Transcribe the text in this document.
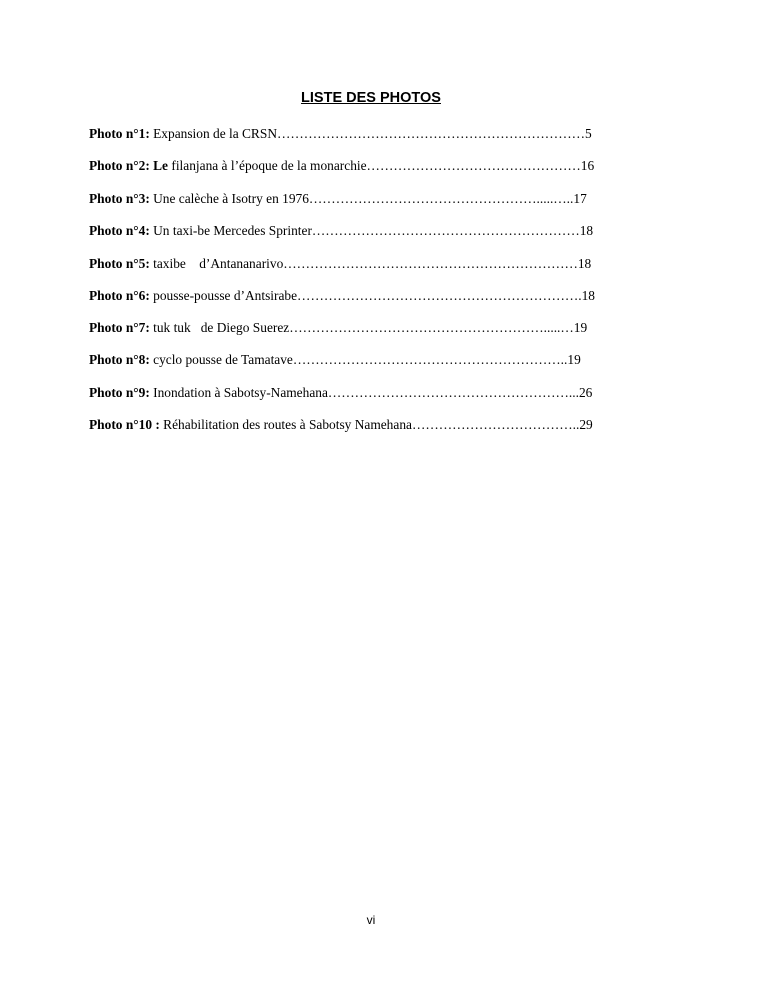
LISTE DES PHOTOS
Photo n°1: Expansion de la CRSN……………………………………………………………5
Photo n°2: Le filanjana à l’époque de la monarchie…………………………………………16
Photo n°3: Une calèche à Isotry en 1976…………………………………………….....…..17
Photo n°4: Un taxi-be Mercedes Sprinter……………………………………………………18
Photo n°5: taxibe    d’Antananarivo…………………………………………………………18
Photo n°6: pousse-pousse d’Antsirabe……………………………………………………….18
Photo n°7: tuk tuk   de Diego Suerez………………………………………………….....…19
Photo n°8: cyclo pousse de Tamatave……………………………………………………..19
Photo n°9: Inondation à Sabotsy-Namehana………………………………………………...26
Photo n°10 : Réhabilitation des routes à Sabotsy Namehana………………………………..29
vi
